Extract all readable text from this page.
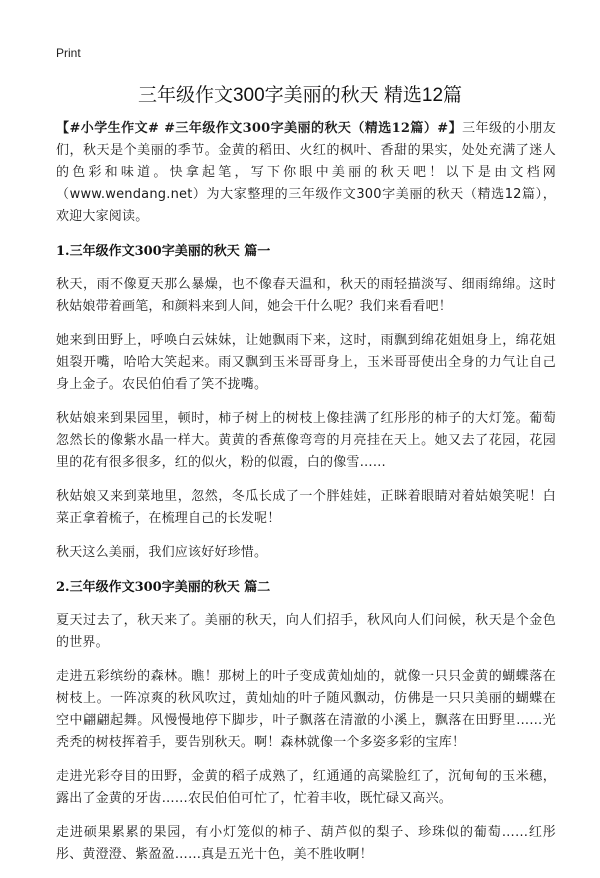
Print
三年级作文300字美丽的秋天 精选12篇

【#小学生作文# #三年级作文300字美丽的秋天（精选12篇）#】三年级的小朋友们，秋天是个美丽的季节。金黄的稻田、火红的枫叶、香甜的果实，处处充满了迷人的色彩和味道。快拿起笔，写下你眼中美丽的秋天吧！以下是由文档网（www.wendang.net）为大家整理的三年级作文300字美丽的秋天（精选12篇），欢迎大家阅读。

1.三年级作文300字美丽的秋天 篇一

秋天，雨不像夏天那么暴燥，也不像春天温和，秋天的雨轻描淡写、细雨绵绵。这时秋姑娘带着画笔，和颜料来到人间，她会干什么呢？我们来看看吧！

她来到田野上，呼唤白云妹妹，让她飘雨下来，这时，雨飘到绵花姐姐身上，绵花姐姐裂开嘴，哈哈大笑起来。雨又飘到玉米哥哥身上，玉米哥哥使出全身的力气让自己身上金子。农民伯伯看了笑不拢嘴。

秋姑娘来到果园里，顿时，柿子树上的树枝上像挂满了红彤彤的柿子的大灯笼。葡萄忽然长的像紫水晶一样大。黄黄的香蕉像弯弯的月亮挂在天上。她又去了花园，花园里的花有很多很多，红的似火，粉的似霞，白的像雪……

秋姑娘又来到菜地里，忽然，冬瓜长成了一个胖娃娃，正眯着眼睛对着姑娘笑呢！白菜正拿着梳子，在梳理自己的长发呢！

秋天这么美丽，我们应该好好珍惜。

2.三年级作文300字美丽的秋天 篇二

夏天过去了，秋天来了。美丽的秋天，向人们招手，秋风向人们问候，秋天是个金色的世界。

走进五彩缤纷的森林。瞧！那树上的叶子变成黄灿灿的，就像一只只金黄的蝴蝶落在树枝上。一阵凉爽的秋风吹过，黄灿灿的叶子随风飘动，仿佛是一只只美丽的蝴蝶在空中翩翩起舞。风慢慢地停下脚步，叶子飘落在清澈的小溪上，飘落在田野里……光秃秃的树枝挥着手，要告别秋天。啊！森林就像一个多姿多彩的宝库！

走进光彩夺目的田野，金黄的稻子成熟了，红通通的高粱脸红了，沉甸甸的玉米穗，露出了金黄的牙齿……农民伯伯可忙了，忙着丰收，既忙碌又高兴。

走进硕果累累的果园，有小灯笼似的柿子、葫芦似的梨子、珍珠似的葡萄……红彤彤、黄澄澄、紫盈盈……真是五光十色，美不胜收啊！
